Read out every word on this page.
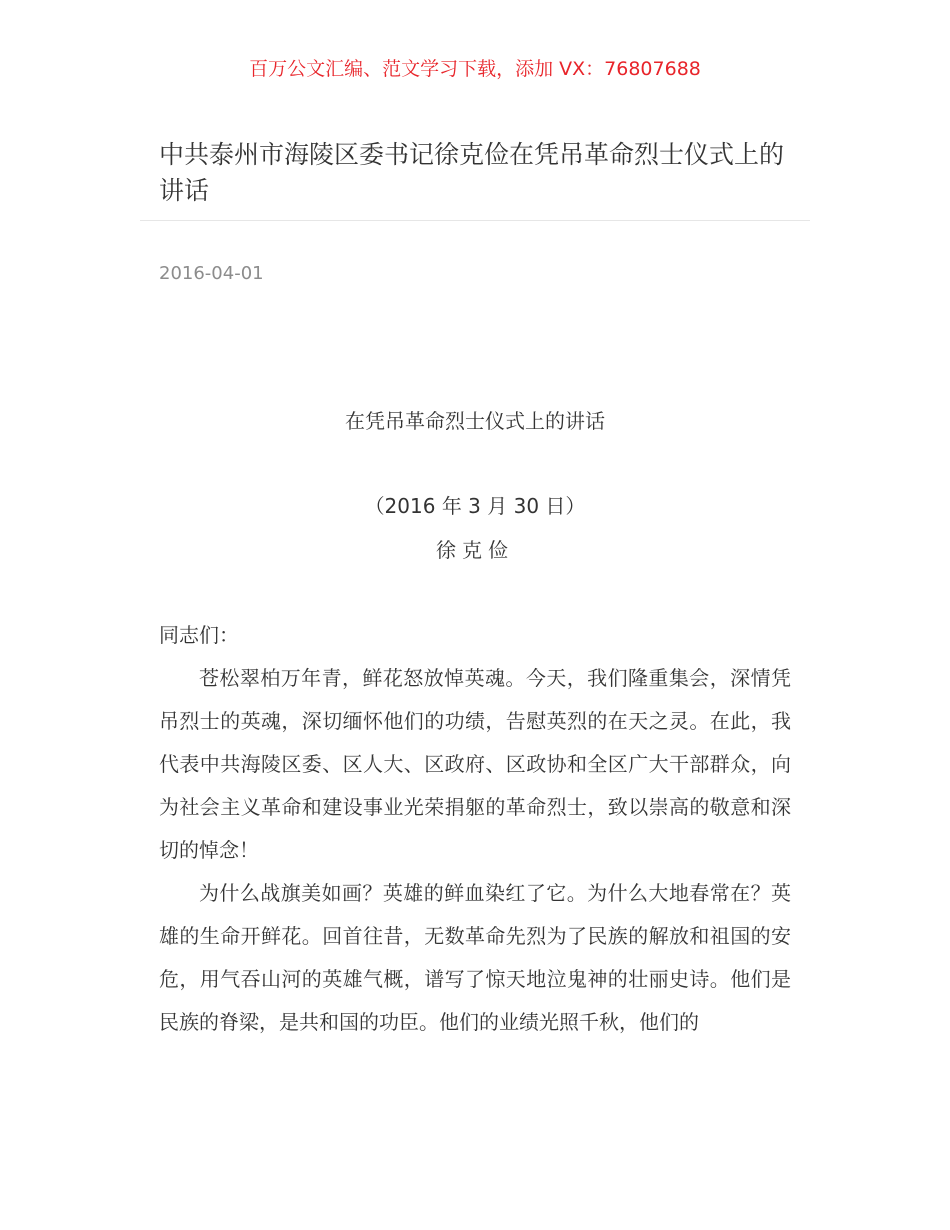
百万公文汇编、范文学习下载，添加 VX：76807688
中共泰州市海陵区委书记徐克俭在凭吊革命烈士仪式上的讲话
2016-04-01
在凭吊革命烈士仪式上的讲话
（2016 年 3 月 30 日）
徐克俭

同志们：

苍松翠柏万年青，鲜花怒放悼英魂。今天，我们隆重集会，深情凭吊烈士的英魂，深切缅怀他们的功绩，告慰英烈的在天之灵。在此，我代表中共海陵区委、区人大、区政府、区政协和全区广大干部群众，向为社会主义革命和建设事业光荣捐躯的革命烈士，致以崇高的敬意和深切的悼念！

为什么战旗美如画？英雄的鲜血染红了它。为什么大地春常在？英雄的生命开鲜花。回首往昔，无数革命先烈为了民族的解放和祖国的安危，用气吞山河的英雄气概，谱写了惊天地泣鬼神的壮丽史诗。他们是民族的脊梁，是共和国的功臣。他们的业绩光照千秋，他们的
